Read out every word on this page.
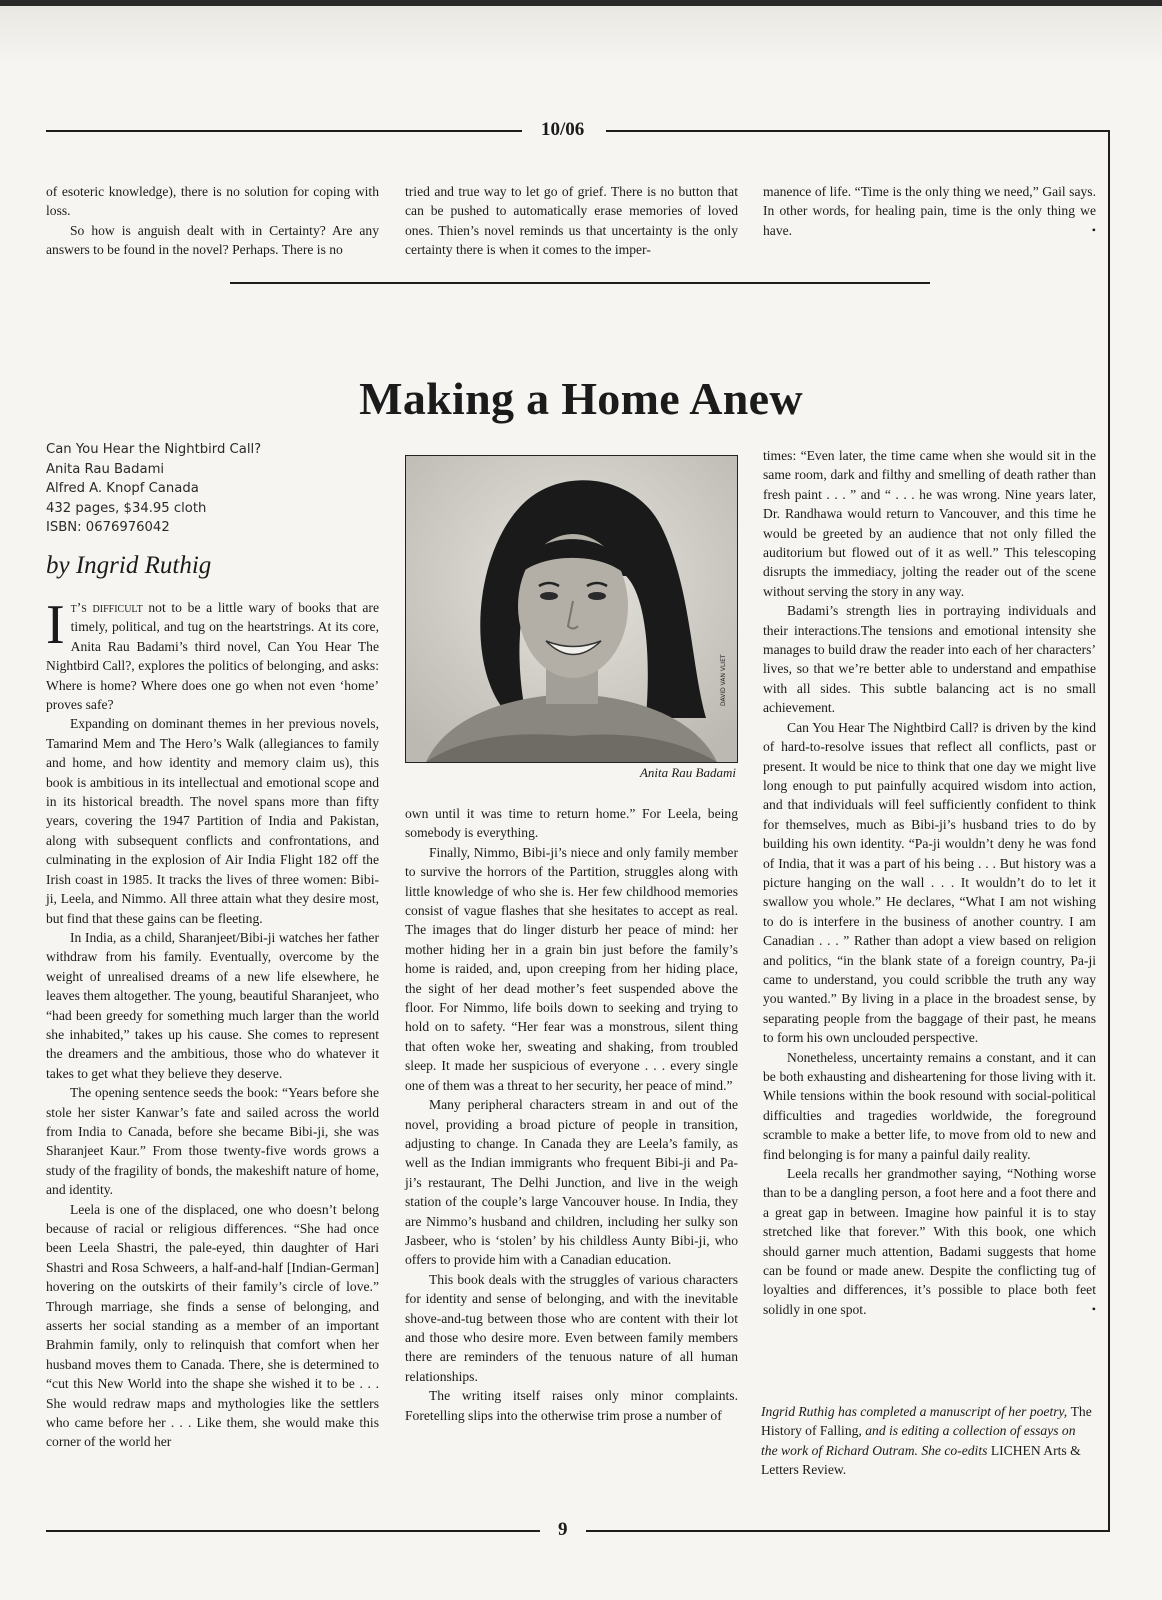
10/06

of esoteric knowledge), there is no solution for coping with loss.

So how is anguish dealt with in Certainty? Are any answers to be found in the novel? Perhaps. There is no

tried and true way to let go of grief. There is no button that can be pushed to automatically erase memories of loved ones. Thien’s novel reminds us that uncertainty is the only certainty there is when it comes to the imper-

manence of life. “Time is the only thing we need,” Gail says. In other words, for healing pain, time is the only thing we have.	•

Making a Home Anew
Can You Hear the Nightbird Call?
Anita Rau Badami
Alfred A. Knopf Canada
432 pages, $34.95 cloth
ISBN: 0676976042
by Ingrid Ruthig

It’s difficult not to be a little wary of books that are timely, political, and tug on the heartstrings. At its core, Anita Rau Badami’s third novel, Can You Hear The Nightbird Call?, explores the politics of belonging, and asks: Where is home? Where does one go when not even ‘home’ proves safe?

Expanding on dominant themes in her previous novels, Tamarind Mem and The Hero’s Walk (allegiances to family and home, and how identity and memory claim us), this book is ambitious in its intellectual and emotional scope and in its historical breadth. The novel spans more than fifty years, covering the 1947 Partition of India and Pakistan, along with subsequent conflicts and confrontations, and culminating in the explosion of Air India Flight 182 off the Irish coast in 1985. It tracks the lives of three women: Bibi-ji, Leela, and Nimmo. All three attain what they desire most, but find that these gains can be fleeting.

In India, as a child, Sharanjeet/Bibi-ji watches her father withdraw from his family. Eventually, overcome by the weight of unrealised dreams of a new life elsewhere, he leaves them altogether. The young, beautiful Sharanjeet, who “had been greedy for something much larger than the world she inhabited,” takes up his cause. She comes to represent the dreamers and the ambitious, those who do whatever it takes to get what they believe they deserve.

The opening sentence seeds the book: “Years before she stole her sister Kanwar’s fate and sailed across the world from India to Canada, before she became Bibi-ji, she was Sharanjeet Kaur.” From those twenty-five words grows a study of the fragility of bonds, the makeshift nature of home, and identity.

Leela is one of the displaced, one who doesn’t belong because of racial or religious differences. “She had once been Leela Shastri, the pale-eyed, thin daughter of Hari Shastri and Rosa Schweers, a half-and-half [Indian-German] hovering on the outskirts of their family’s circle of love.” Through marriage, she finds a sense of belonging, and asserts her social standing as a member of an important Brahmin family, only to relinquish that comfort when her husband moves them to Canada. There, she is determined to “cut this New World into the shape she wished it to be . . . She would redraw maps and mythologies like the settlers who came before her . . . Like them, she would make this corner of the world her

DAVID VAN VLIET
Anita Rau Badami

own until it was time to return home.” For Leela, being somebody is everything.

Finally, Nimmo, Bibi-ji’s niece and only family member to survive the horrors of the Partition, struggles along with little knowledge of who she is. Her few childhood memories consist of vague flashes that she hesitates to accept as real. The images that do linger disturb her peace of mind: her mother hiding her in a grain bin just before the family’s home is raided, and, upon creeping from her hiding place, the sight of her dead mother’s feet suspended above the floor. For Nimmo, life boils down to seeking and trying to hold on to safety. “Her fear was a monstrous, silent thing that often woke her, sweating and shaking, from troubled sleep. It made her suspicious of everyone . . . every single one of them was a threat to her security, her peace of mind.”

Many peripheral characters stream in and out of the novel, providing a broad picture of people in transition, adjusting to change. In Canada they are Leela’s family, as well as the Indian immigrants who frequent Bibi-ji and Pa-ji’s restaurant, The Delhi Junction, and live in the weigh station of the couple’s large Vancouver house. In India, they are Nimmo’s husband and children, including her sulky son Jasbeer, who is ‘stolen’ by his childless Aunty Bibi-ji, who offers to provide him with a Canadian education.

This book deals with the struggles of various characters for identity and sense of belonging, and with the inevitable shove-and-tug between those who are content with their lot and those who desire more. Even between family members there are reminders of the tenuous nature of all human relationships.

The writing itself raises only minor complaints. Foretelling slips into the otherwise trim prose a number of

times: “Even later, the time came when she would sit in the same room, dark and filthy and smelling of death rather than fresh paint . . . ” and “ . . . he was wrong. Nine years later, Dr. Randhawa would return to Vancouver, and this time he would be greeted by an audience that not only filled the auditorium but flowed out of it as well.” This telescoping disrupts the immediacy, jolting the reader out of the scene without serving the story in any way.

Badami’s strength lies in portraying individuals and their interactions.The tensions and emotional intensity she manages to build draw the reader into each of her characters’ lives, so that we’re better able to understand and empathise with all sides. This subtle balancing act is no small achievement.

Can You Hear The Nightbird Call? is driven by the kind of hard-to-resolve issues that reflect all conflicts, past or present. It would be nice to think that one day we might live long enough to put painfully acquired wisdom into action, and that individuals will feel sufficiently confident to think for themselves, much as Bibi-ji’s husband tries to do by building his own identity. “Pa-ji wouldn’t deny he was fond of India, that it was a part of his being . . . But history was a picture hanging on the wall . . . It wouldn’t do to let it swallow you whole.” He declares, “What I am not wishing to do is interfere in the business of another country. I am Canadian . . . ” Rather than adopt a view based on religion and politics, “in the blank state of a foreign country, Pa-ji came to understand, you could scribble the truth any way you wanted.” By living in a place in the broadest sense, by separating people from the baggage of their past, he means to form his own unclouded perspective.

Nonetheless, uncertainty remains a constant, and it can be both exhausting and disheartening for those living with it. While tensions within the book resound with social-political difficulties and tragedies worldwide, the foreground scramble to make a better life, to move from old to new and find belonging is for many a painful daily reality.

Leela recalls her grandmother saying, “Nothing worse than to be a dangling person, a foot here and a foot there and a great gap in between. Imagine how painful it is to stay stretched like that forever.” With this book, one which should garner much attention, Badami suggests that home can be found or made anew. Despite the conflicting tug of loyalties and differences, it’s possible to place both feet solidly in one spot.	•

Ingrid Ruthig has completed a manuscript of her poetry, The History of Falling, and is editing a collection of essays on the work of Richard Outram. She co-edits LICHEN Arts & Letters Review.
9
